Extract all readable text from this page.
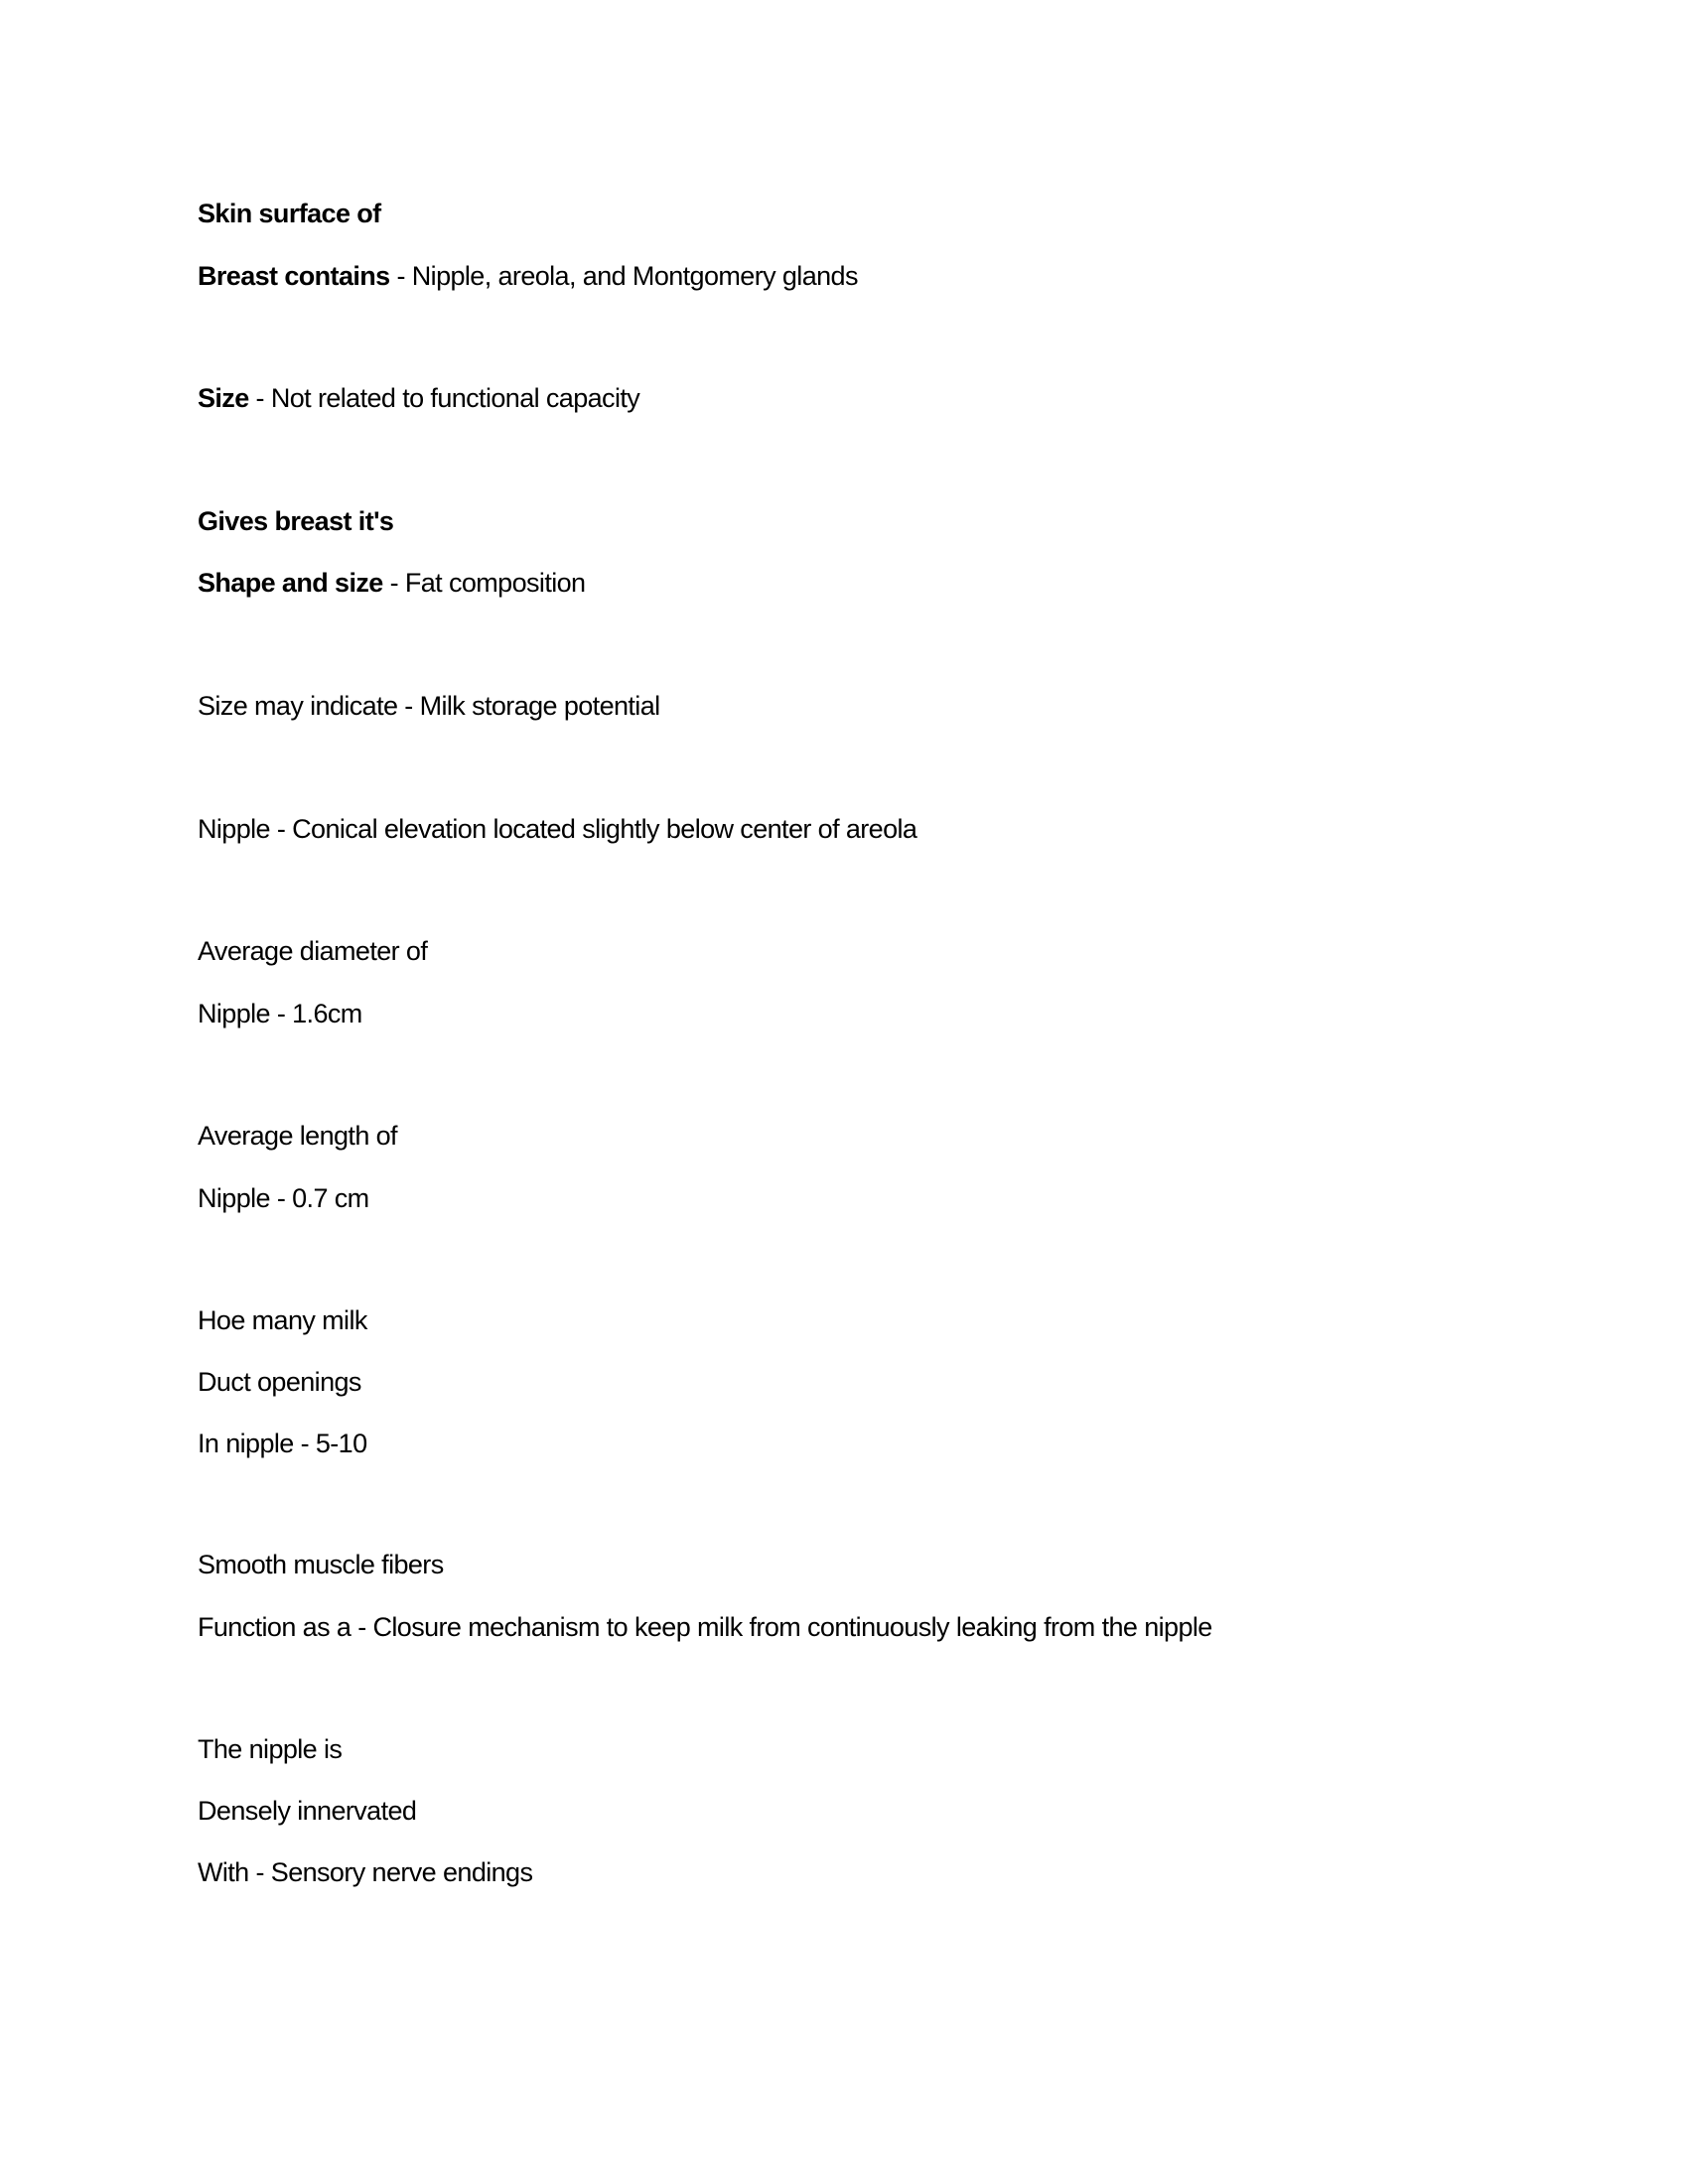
Skin surface of
Breast contains - Nipple, areola, and Montgomery glands
Size - Not related to functional capacity
Gives breast it's
Shape and size - Fat composition
Size may indicate - Milk storage potential
Nipple - Conical elevation located slightly below center of areola
Average diameter of
Nipple - 1.6cm
Average length of
Nipple - 0.7 cm
Hoe many milk
Duct openings
In nipple - 5-10
Smooth muscle fibers
Function as a - Closure mechanism to keep milk from continuously leaking from the nipple
The nipple is
Densely innervated
With - Sensory nerve endings
